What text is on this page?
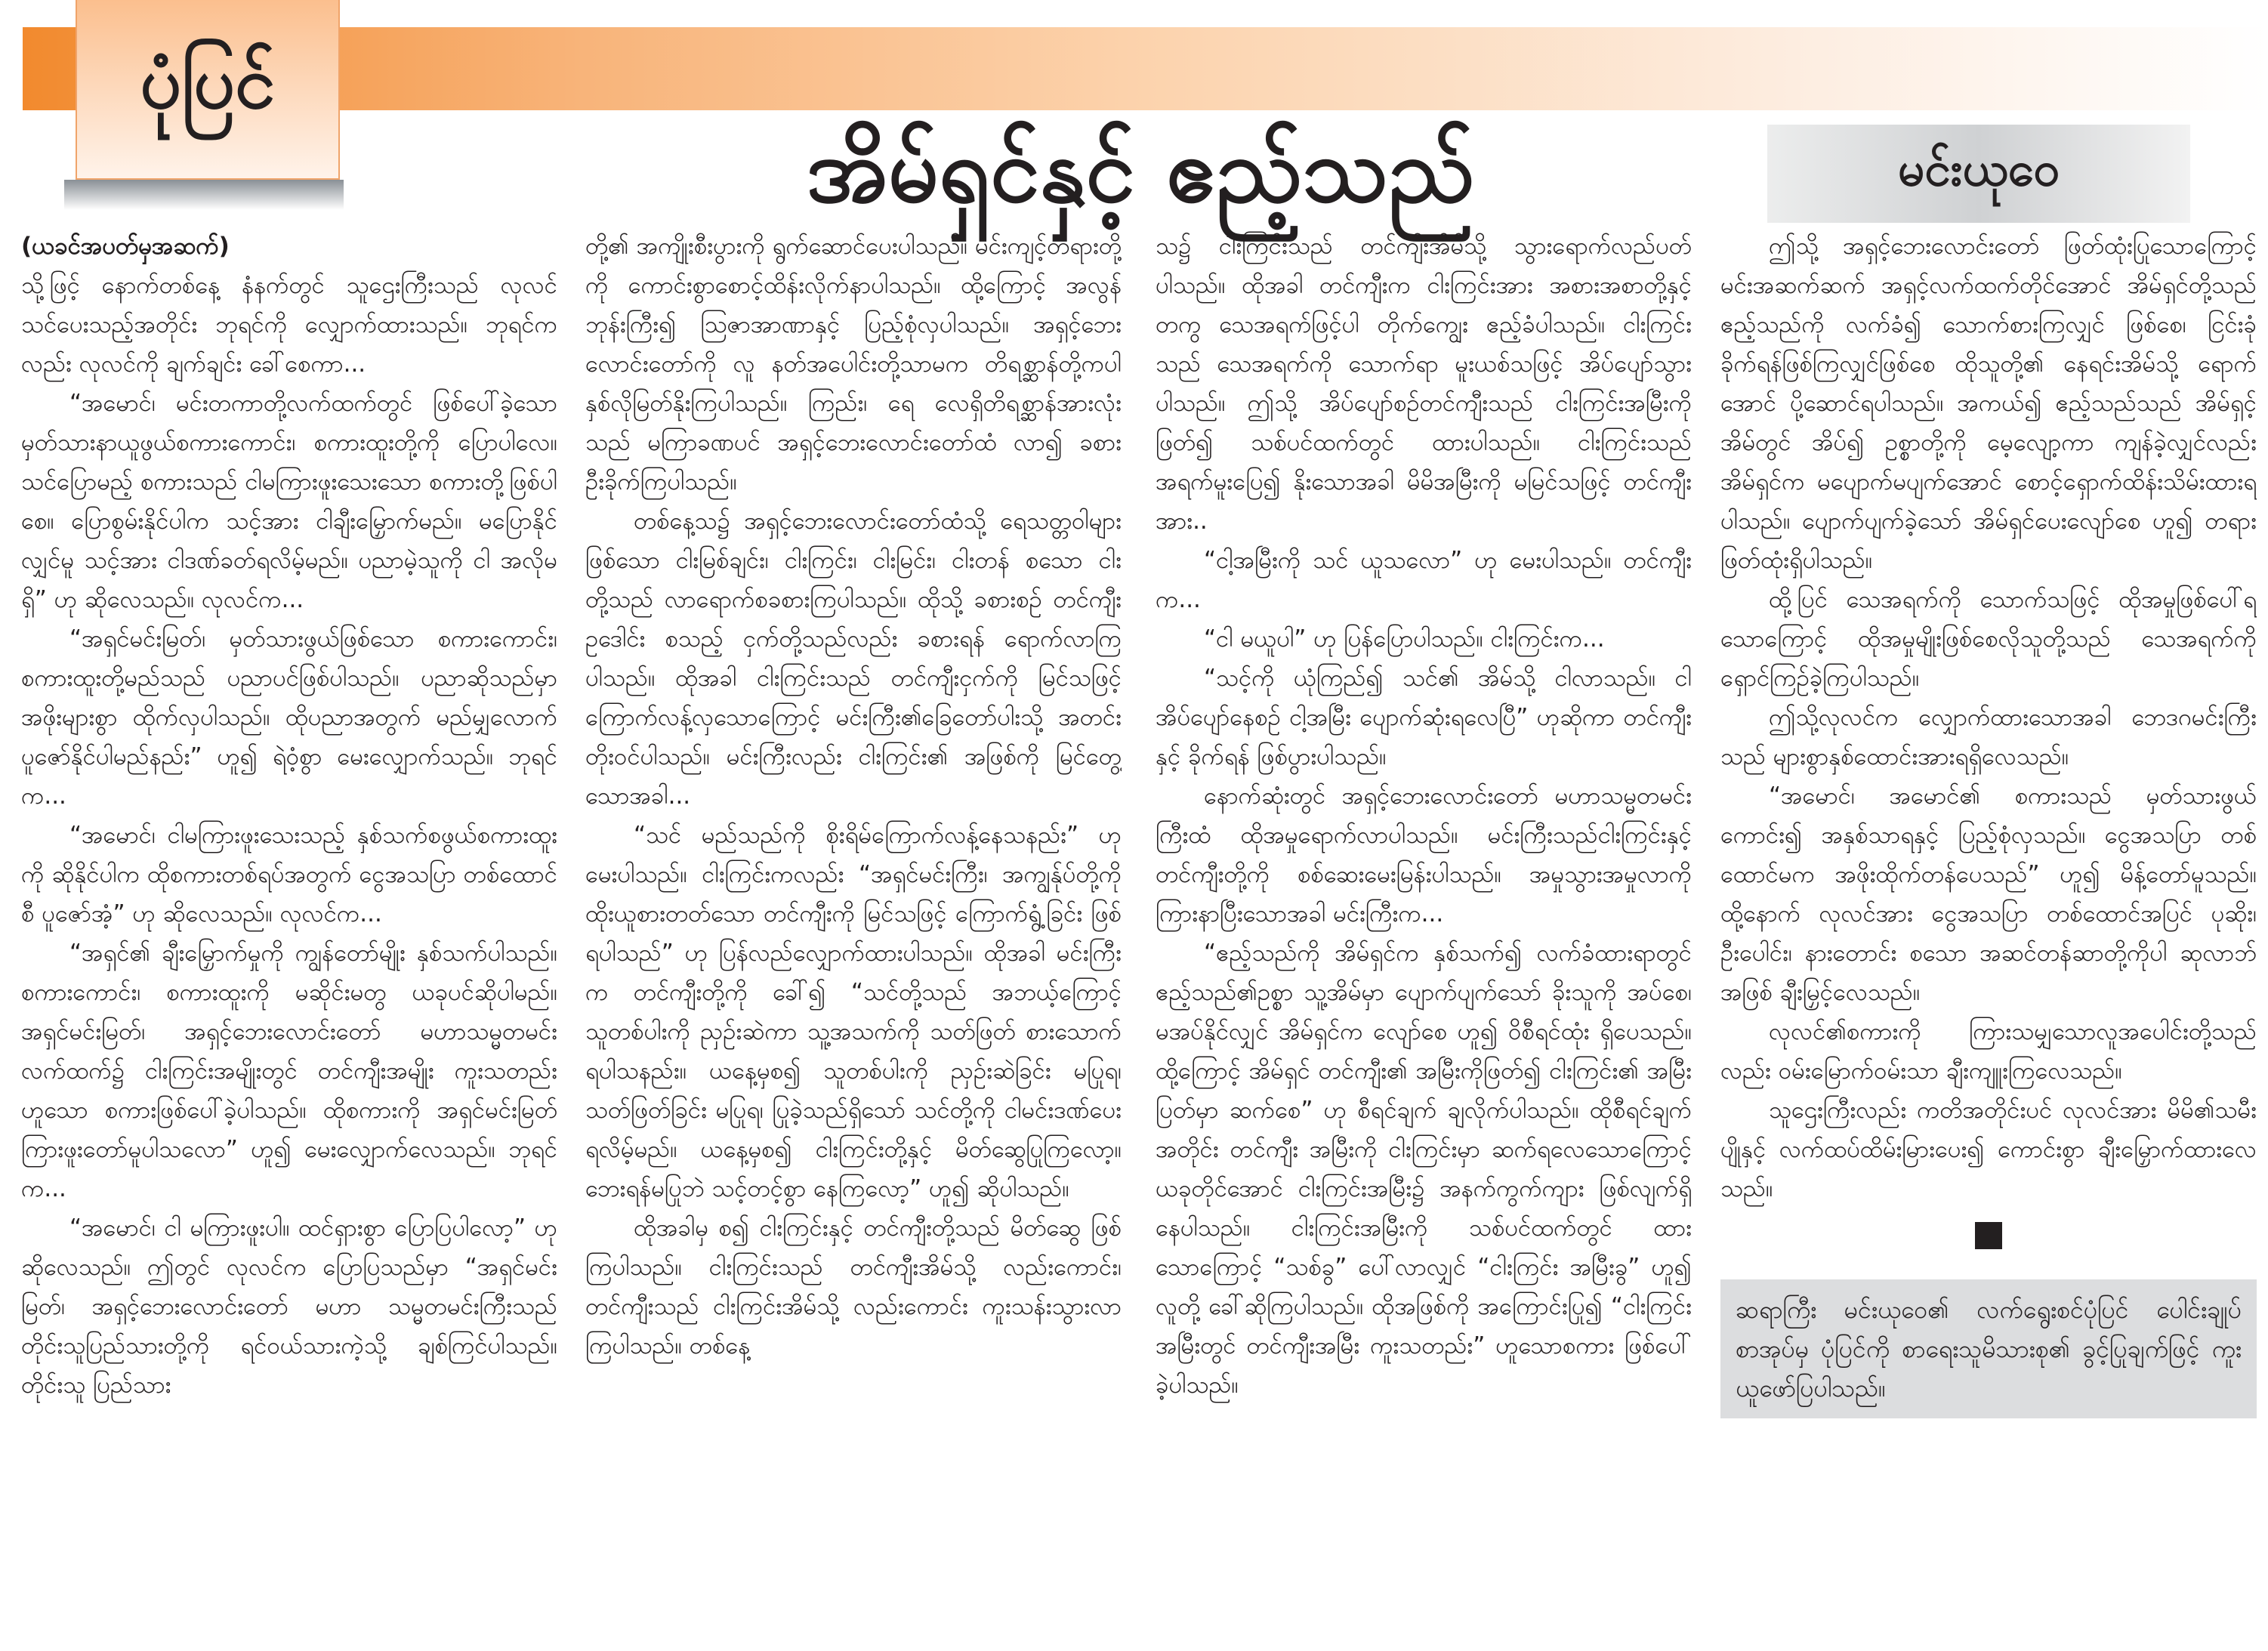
ပုံပြင်
အိမ်ရှင်နှင့် ဧည့်သည်	မင်းယုဝေ

(ယခင်အပတ်မှအဆက်)

သို့ဖြင့် နောက်တစ်နေ့ နံနက်တွင် သူဌေးကြီးသည် လုလင်သင်ပေးသည့်အတိုင်း ဘုရင်ကို လျှောက်ထားသည်။ ဘုရင်ကလည်း လုလင်ကို ချက်ချင်း ခေါ်စေကာ...

“အမောင်၊ မင်းတကာတို့လက်ထက်တွင် ဖြစ်ပေါ်ခဲ့သော မှတ်သားနာယူဖွယ်စကားကောင်း၊ စကားထူးတို့ကို ပြောပါလေ။ သင်ပြောမည့် စကားသည် ငါမကြားဖူးသေးသော စကားတို့ဖြစ်ပါစေ။ ပြောစွမ်းနိုင်ပါက သင့်အား ငါချီးမြှောက်မည်။ မပြောနိုင်လျှင်မူ သင့်အား ငါဒဏ်ခတ်ရလိမ့်မည်။ ပညာမဲ့သူကို ငါ အလိုမရှိ” ဟု ဆိုလေသည်။ လုလင်က...

“အရှင်မင်းမြတ်၊ မှတ်သားဖွယ်ဖြစ်သော စကားကောင်း၊ စကားထူးတို့မည်သည် ပညာပင်ဖြစ်ပါသည်။ ပညာဆိုသည်မှာ အဖိုးများစွာ ထိုက်လှပါသည်။ ထိုပညာအတွက် မည်မျှလောက် ပူဇော်နိုင်ပါမည်နည်း” ဟူ၍ ရဲဝံ့စွာ မေးလျှောက်သည်။ ဘုရင်က...

“အမောင်၊ ငါမကြားဖူးသေးသည့် နှစ်သက်စဖွယ်စကားထူးကို ဆိုနိုင်ပါက ထိုစကားတစ်ရပ်အတွက် ငွေအသပြာ တစ်ထောင်စီ ပူဇော်အံ့” ဟု ဆိုလေသည်။ လုလင်က...

“အရှင်၏ ချီးမြှောက်မှုကို ကျွန်တော်မျိုး နှစ်သက်ပါသည်။ စကားကောင်း၊ စကားထူးကို မဆိုင်းမတွ ယခုပင်ဆိုပါမည်။ အရှင်မင်းမြတ်၊ အရှင့်ဘေးလောင်းတော် မဟာသမ္မတမင်းလက်ထက်၌ ငါးကြင်းအမျိုးတွင် တင်ကျီးအမျိုး ကူးသတည်း ဟူသော စကားဖြစ်ပေါ်ခဲ့ပါသည်။ ထိုစကားကို အရှင်မင်းမြတ် ကြားဖူးတော်မူပါသလော” ဟူ၍ မေးလျှောက်လေသည်။ ဘုရင်က...

“အမောင်၊ ငါ မကြားဖူးပါ။ ထင်ရှားစွာ ပြောပြပါလော့” ဟု ဆိုလေသည်။ ဤတွင် လုလင်က ပြောပြသည်မှာ “အရှင်မင်းမြတ်၊ အရှင့်ဘေးလောင်းတော် မဟာ သမ္မတမင်းကြီးသည် တိုင်းသူပြည်သားတို့ကို ရင်ဝယ်သားကဲ့သို့ ချစ်ကြင်ပါသည်။ တိုင်းသူ ပြည်သား

တို့၏ အကျိုးစီးပွားကို ရွက်ဆောင်ပေးပါသည်။ မင်းကျင့်တရားတို့ကို ကောင်းစွာစောင့်ထိန်းလိုက်နာပါသည်။ ထို့ကြောင့် အလွန်ဘုန်းကြီး၍ သြဇာအာဏာနှင့် ပြည့်စုံလှပါသည်။ အရှင့်ဘေးလောင်းတော်ကို လူ နတ်အပေါင်းတို့သာမက တိရစ္ဆာန်တို့ကပါ နှစ်လိုမြတ်နိုးကြပါသည်။ ကြည်း၊ ရေ လေရှိတိရစ္ဆာန်အားလုံးသည် မကြာခဏပင် အရှင့်ဘေးလောင်းတော်ထံ လာ၍ ခစားဦးခိုက်ကြပါသည်။

တစ်နေ့သ၌ အရှင့်ဘေးလောင်းတော်ထံသို့ ရေသတ္တဝါများဖြစ်သော ငါးမြစ်ချင်း၊ ငါးကြင်း၊ ငါးမြင်း၊ ငါးတန် စသော ငါးတို့သည် လာရောက်စခစားကြပါသည်။ ထိုသို့ ခစားစဉ် တင်ကျီး ဥဒေါင်း စသည့် ငှက်တို့သည်လည်း ခစားရန် ရောက်လာကြပါသည်။ ထိုအခါ ငါးကြင်းသည် တင်ကျီးငှက်ကို မြင်သဖြင့် ကြောက်လန့်လှသောကြောင့် မင်းကြီး၏ခြေတော်ပါးသို့ အတင်းတိုးဝင်ပါသည်။ မင်းကြီးလည်း ငါးကြင်း၏ အဖြစ်ကို မြင်တွေ့သောအခါ...

“သင် မည်သည်ကို စိုးရိမ်ကြောက်လန့်နေသနည်း” ဟု မေးပါသည်။ ငါးကြင်းကလည်း “အရှင်မင်းကြီး၊ အကျွန်ုပ်တို့ကို ထိုးယူစားတတ်သော တင်ကျီးကို မြင်သဖြင့် ကြောက်ရွံ့ခြင်း ဖြစ်ရပါသည်” ဟု ပြန်လည်လျှောက်ထားပါသည်။ ထိုအခါ မင်းကြီးက တင်ကျီးတို့ကို ခေါ်၍ “သင်တို့သည် အဘယ့်ကြောင့် သူတစ်ပါးကို ညှဉ်းဆဲကာ သူ့အသက်ကို သတ်ဖြတ် စားသောက်ရပါသနည်း။ ယနေ့မှစ၍ သူတစ်ပါးကို ညှဉ်းဆဲခြင်း မပြုရ၊ သတ်ဖြတ်ခြင်း မပြုရ၊ ပြုခဲ့သည်ရှိသော် သင်တို့ကို ငါမင်းဒဏ်ပေးရလိမ့်မည်။ ယနေ့မှစ၍ ငါးကြင်းတို့နှင့် မိတ်ဆွေပြုကြလော့။ ဘေးရန်မပြုဘဲ သင့်တင့်စွာ နေကြလော့” ဟူ၍ ဆိုပါသည်။

ထိုအခါမှ စ၍ ငါးကြင်းနှင့် တင်ကျီးတို့သည် မိတ်ဆွေ ဖြစ်ကြပါသည်။ ငါးကြင်းသည် တင်ကျီးအိမ်သို့ လည်းကောင်း၊ တင်ကျီးသည် ငါးကြင်းအိမ်သို့ လည်းကောင်း ကူးသန်းသွားလာကြပါသည်။ တစ်နေ့

သ၌ ငါးကြင်းသည် တင်ကျီးအိမ်သို့ သွားရောက်လည်ပတ်ပါသည်။ ထိုအခါ တင်ကျီးက ငါးကြင်းအား အစားအစာတို့နှင့်တကွ သေအရက်ဖြင့်ပါ တိုက်ကျွေး ဧည့်ခံပါသည်။ ငါးကြင်းသည် သေအရက်ကို သောက်ရာ မူးယစ်သဖြင့် အိပ်ပျော်သွားပါသည်။ ဤသို့ အိပ်ပျော်စဉ်တင်ကျီးသည် ငါးကြင်းအမြီးကို ဖြတ်၍ သစ်ပင်ထက်တွင် ထားပါသည်။ ငါးကြင်းသည် အရက်မူးပြေ၍ နိုးသောအခါ မိမိအမြီးကို မမြင်သဖြင့် တင်ကျီးအား..

“ငါ့အမြီးကို သင် ယူသလော” ဟု မေးပါသည်။ တင်ကျီးက...

“ငါ မယူပါ” ဟု ပြန်ပြောပါသည်။ ငါးကြင်းက...

“သင့်ကို ယုံကြည်၍ သင်၏ အိမ်သို့ ငါလာသည်။ ငါ အိပ်ပျော်နေစဉ် ငါ့အမြီး ပျောက်ဆုံးရလေပြီ” ဟုဆိုကာ တင်ကျီးနှင့် ခိုက်ရန် ဖြစ်ပွားပါသည်။

နောက်ဆုံးတွင် အရှင့်ဘေးလောင်းတော် မဟာသမ္မတမင်းကြီးထံ ထိုအမှုရောက်လာပါသည်။ မင်းကြီးသည်ငါးကြင်းနှင့်တင်ကျီးတို့ကို စစ်ဆေးမေးမြန်းပါသည်။ အမှုသွားအမှုလာကို ကြားနာပြီးသောအခါ မင်းကြီးက...

“ဧည့်သည်ကို အိမ်ရှင်က နှစ်သက်၍ လက်ခံထားရာတွင် ဧည့်သည်၏ဥစ္စာ သူ့အိမ်မှာ ပျောက်ပျက်သော် ခိုးသူကို အပ်စေ၊ မအပ်နိုင်လျှင် အိမ်ရှင်က လျော်စေ ဟူ၍ ဝိစီရင်ထုံး ရှိပေသည်။ ထို့ကြောင့် အိမ်ရှင် တင်ကျီး၏ အမြီးကိုဖြတ်၍ ငါးကြင်း၏ အမြီးပြတ်မှာ ဆက်စေ” ဟု စီရင်ချက် ချလိုက်ပါသည်။ ထိုစီရင်ချက်အတိုင်း တင်ကျီး အမြီးကို ငါးကြင်းမှာ ဆက်ရလေသောကြောင့် ယခုတိုင်အောင် ငါးကြင်းအမြီး၌ အနက်ကွက်ကျား ဖြစ်လျက်ရှိနေပါသည်။ ငါးကြင်းအမြီးကို သစ်ပင်ထက်တွင် ထားသောကြောင့် “သစ်ခွ” ပေါ်လာလျှင် “ငါးကြင်း အမြီးခွ” ဟူ၍ လူတို့ ခေါ်ဆိုကြပါသည်။ ထိုအဖြစ်ကို အကြောင်းပြု၍ “ငါးကြင်းအမြီးတွင် တင်ကျီးအမြီး ကူးသတည်း” ဟူသောစကား ဖြစ်ပေါ်ခဲ့ပါသည်။

ဤသို့ အရှင့်ဘေးလောင်းတော် ဖြတ်ထုံးပြုသောကြောင့် မင်းအဆက်ဆက် အရှင့်လက်ထက်တိုင်အောင် အိမ်ရှင်တို့သည် ဧည့်သည်ကို လက်ခံ၍ သောက်စားကြလျှင် ဖြစ်စေ၊ ငြင်းခုံခိုက်ရန်ဖြစ်ကြလျှင်ဖြစ်စေ ထိုသူတို့၏ နေရင်းအိမ်သို့ ရောက်အောင် ပို့ဆောင်ရပါသည်။ အကယ်၍ ဧည့်သည်သည် အိမ်ရှင့်အိမ်တွင် အိပ်၍ ဥစ္စာတို့ကို မေ့လျော့ကာ ကျန်ခဲ့လျှင်လည်း အိမ်ရှင်က မပျောက်မပျက်အောင် စောင့်ရှောက်ထိန်းသိမ်းထားရပါသည်။ ပျောက်ပျက်ခဲ့သော် အိမ်ရှင်ပေးလျော်စေ ဟူ၍ တရားဖြတ်ထုံးရှိပါသည်။

ထို့ပြင် သေအရက်ကို သောက်သဖြင့် ထိုအမှုဖြစ်ပေါ်ရသောကြောင့် ထိုအမှုမျိုးဖြစ်စေလိုသူတို့သည် သေအရက်ကို ရှောင်ကြဉ်ခဲ့ကြပါသည်။

ဤသို့လုလင်က လျှောက်ထားသောအခါ ဘေဒဂမင်းကြီးသည် များစွာနှစ်ထောင်းအားရရှိလေသည်။

“အမောင်၊ အမောင်၏ စကားသည် မှတ်သားဖွယ်ကောင်း၍ အနှစ်သာရနှင့် ပြည့်စုံလှသည်။ ငွေအသပြာ တစ်ထောင်မက အဖိုးထိုက်တန်ပေသည်” ဟူ၍ မိန့်တော်မူသည်။ ထို့နောက် လုလင်အား ငွေအသပြာ တစ်ထောင်အပြင် ပုဆိုး၊ ဦးပေါင်း၊ နားတောင်း စသော အဆင်တန်ဆာတို့ကိုပါ ဆုလာဘ်အဖြစ် ချီးမြှင့်လေသည်။

လုလင်၏စကားကို ကြားသမျှသောလူအပေါင်းတို့သည်လည်း ဝမ်းမြောက်ဝမ်းသာ ချီးကျူးကြလေသည်။

သူဌေးကြီးလည်း ကတိအတိုင်းပင် လုလင်အား မိမိ၏သမီးပျိုနှင့် လက်ထပ်ထိမ်းမြားပေး၍ ကောင်းစွာ ချီးမြှောက်ထားလေသည်။

ဆရာကြီး မင်းယုဝေ၏ လက်ရွေးစင်ပုံပြင် ပေါင်းချုပ် စာအုပ်မှ ပုံပြင်ကို စာရေးသူမိသားစု၏ ခွင့်ပြုချက်ဖြင့် ကူးယူဖော်ပြပါသည်။
